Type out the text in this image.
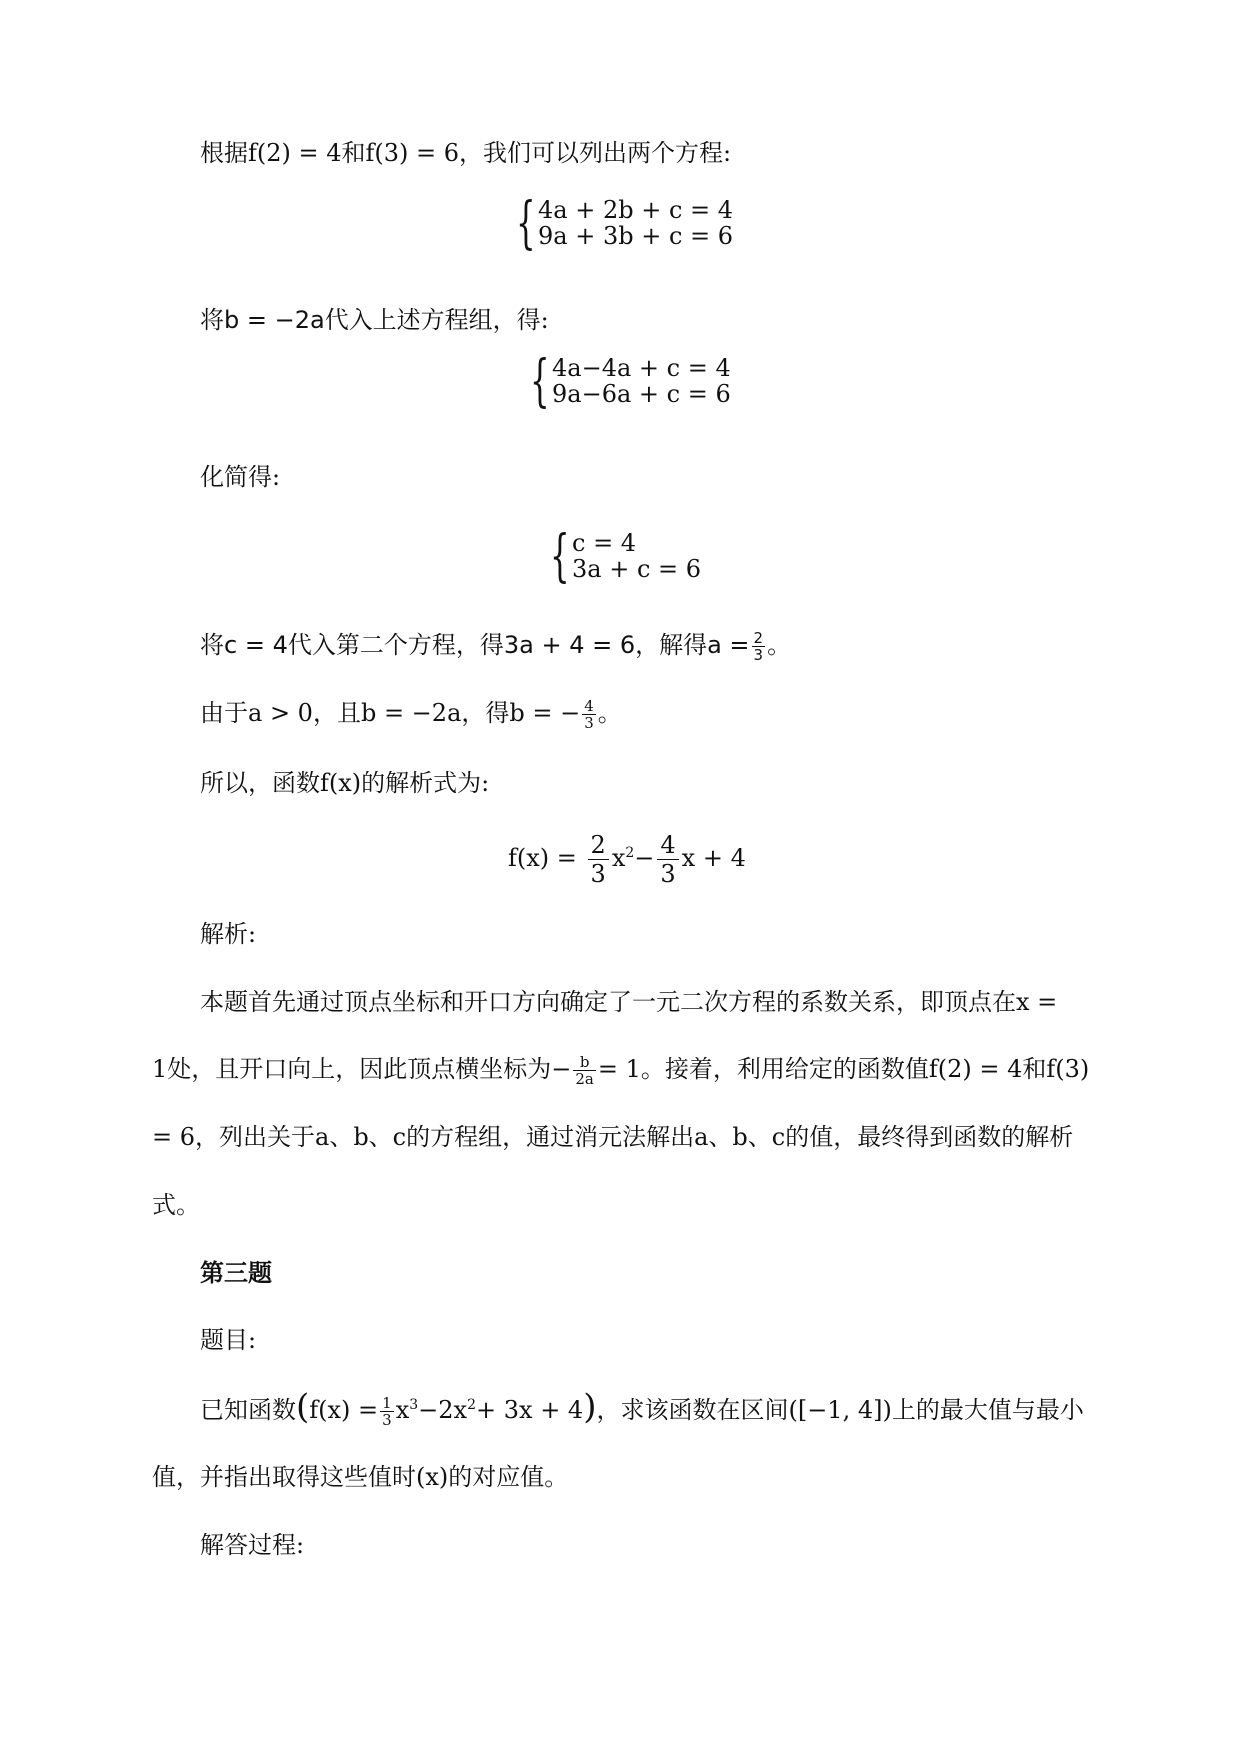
根据f(2) = 4和f(3) = 6，我们可以列出两个方程:
{ 4a + 2b + c = 4
9a + 3b + c = 6
将b = −2a代入上述方程组，得:
{ 4a−4a + c = 4
9a−6a + c = 6
化简得:
{ c = 4
3a + c = 6
将c = 4代入第二个方程，得3a + 4 = 6，解得$a = \frac{2}{3}$ 。
由于a > 0，且b = −2a，得b = − $\frac{4}{3}$ 。
所以，函数f(x)的解析式为:
$f(x) = \frac{2}{3} x^2- \frac{4}{3}$ x + 4
解析:
本题首先通过顶点坐标和开口方向确定了一元二次方程的系数关系，即顶点在x =
1处，且开口向上，因此顶点横坐标为− $\frac{b}{2a} = 1$。接着，利用给定的函数值f(2) = 4和f(3)
= 6，列出关于a、b、c的方程组，通过消元法解出a、b、c的值，最终得到函数的解析
式。
第三题
题目:
已知函数$(f(x) = \frac{1}{3} x^3-2x^2+ 3x + 4)$，求该函数在区间([−1, 4])上的最大值与最小
值，并指出取得这些值时(x)的对应值。
解答过程:
